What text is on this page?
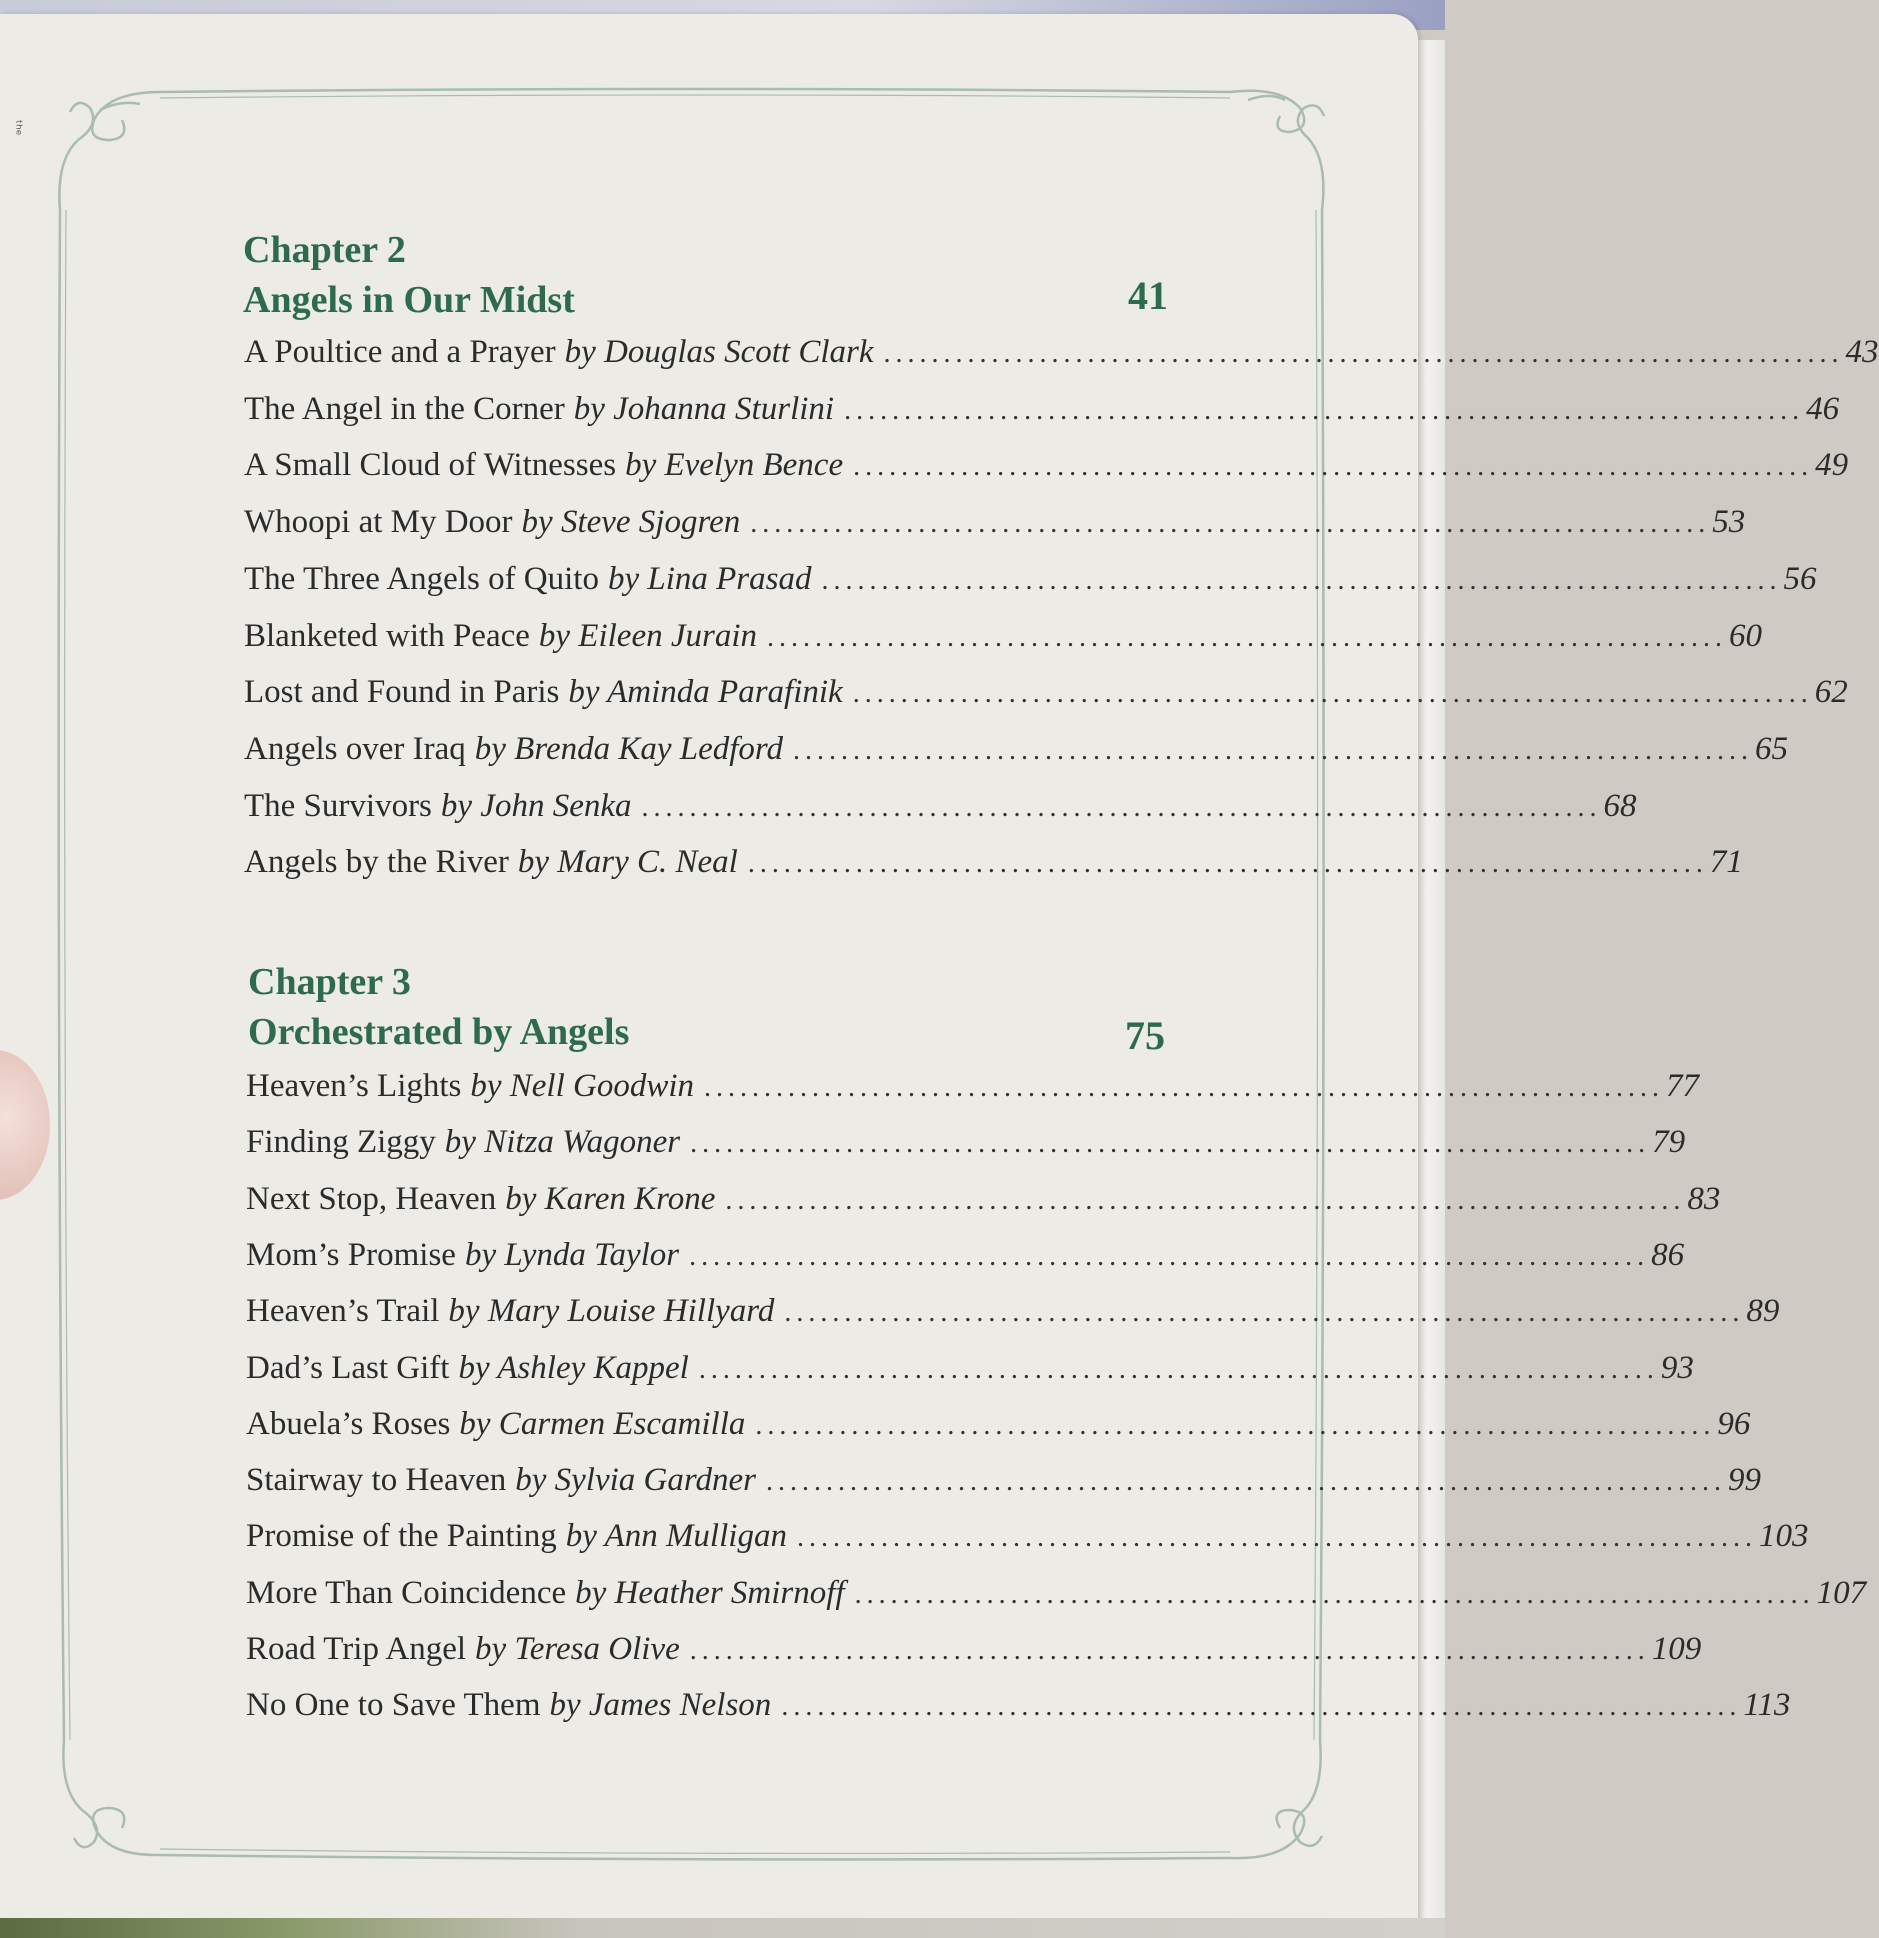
ᵗʰᵉ
Chapter 2
Angels in Our Midst	41
A Poultice and a Prayer by Douglas Scott Clark ................................................................................ 43
The Angel in the Corner by Johanna Sturlini ................................................................................ 46
A Small Cloud of Witnesses by Evelyn Bence ................................................................................ 49
Whoopi at My Door by Steve Sjogren ................................................................................ 53
The Three Angels of Quito by Lina Prasad ................................................................................ 56
Blanketed with Peace by Eileen Jurain ................................................................................ 60
Lost and Found in Paris by Aminda Parafinik ................................................................................ 62
Angels over Iraq by Brenda Kay Ledford ................................................................................ 65
The Survivors by John Senka ................................................................................ 68
Angels by the River by Mary C. Neal ................................................................................ 71
Chapter 3
Orchestrated by Angels	75
Heaven’s Lights by Nell Goodwin ................................................................................ 77
Finding Ziggy by Nitza Wagoner ................................................................................ 79
Next Stop, Heaven by Karen Krone ................................................................................ 83
Mom’s Promise by Lynda Taylor ................................................................................ 86
Heaven’s Trail by Mary Louise Hillyard ................................................................................ 89
Dad’s Last Gift by Ashley Kappel ................................................................................ 93
Abuela’s Roses by Carmen Escamilla ................................................................................ 96
Stairway to Heaven by Sylvia Gardner ................................................................................ 99
Promise of the Painting by Ann Mulligan ................................................................................ 103
More Than Coincidence by Heather Smirnoff ................................................................................ 107
Road Trip Angel by Teresa Olive ................................................................................ 109
No One to Save Them by James Nelson ................................................................................ 113
